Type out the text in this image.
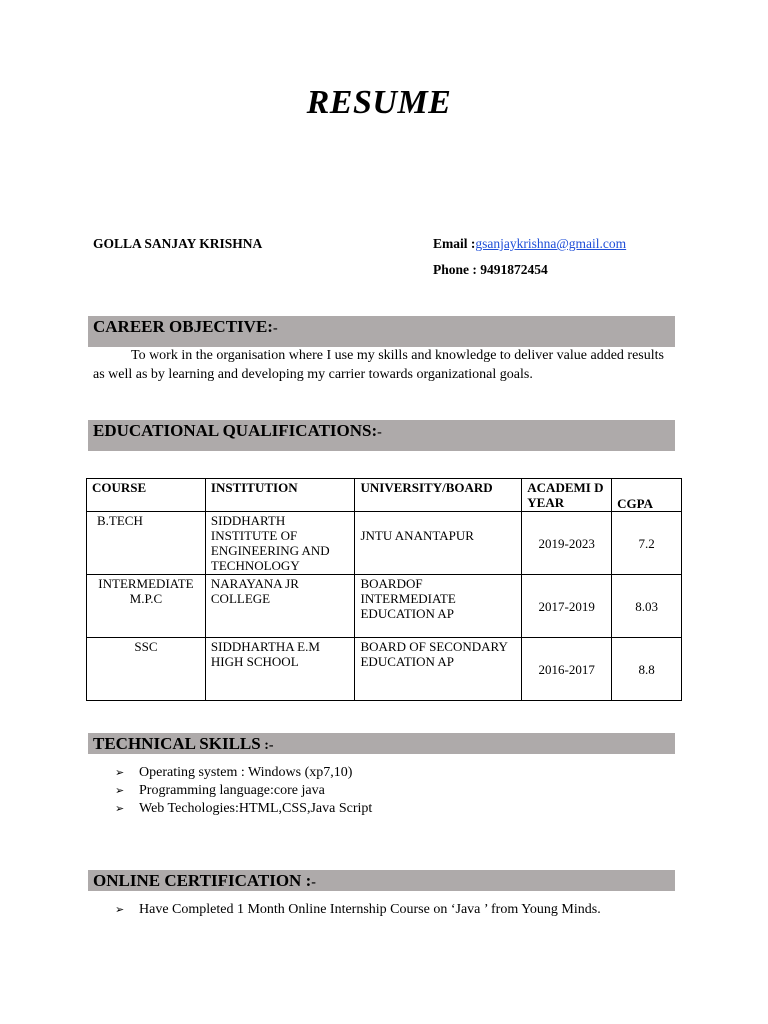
RESUME
GOLLA SANJAY KRISHNA	Email :gsanjaykrishna@gmail.com
Phone : 9491872454
CAREER OBJECTIVE:-
To work in the organisation where I use my skills and knowledge to deliver value added results as well as by learning and developing my carrier towards organizational goals.
EDUCATIONAL QUALIFICATIONS:-
COURSE	INSTITUTION	UNIVERSITY/BOARD	ACADEMI D YEAR	CGPA
B.TECH	SIDDHARTH INSTITUTE OF ENGINEERING AND TECHNOLOGY	JNTU ANANTAPUR	2019-2023	7.2
INTERMEDIATE M.P.C	NARAYANA JR COLLEGE	BOARDOF INTERMEDIATE EDUCATION AP	2017-2019	8.03
SSC	SIDDHARTHA E.M HIGH SCHOOL	BOARD OF SECONDARY EDUCATION AP	2016-2017	8.8
TECHNICAL SKILLS :-
➢ Operating system : Windows (xp7,10)
➢ Programming language:core java
➢ Web Techologies:HTML,CSS,Java Script
ONLINE CERTIFICATION :-
➢ Have Completed 1 Month Online Internship Course on ‘Java ’ from Young Minds.
